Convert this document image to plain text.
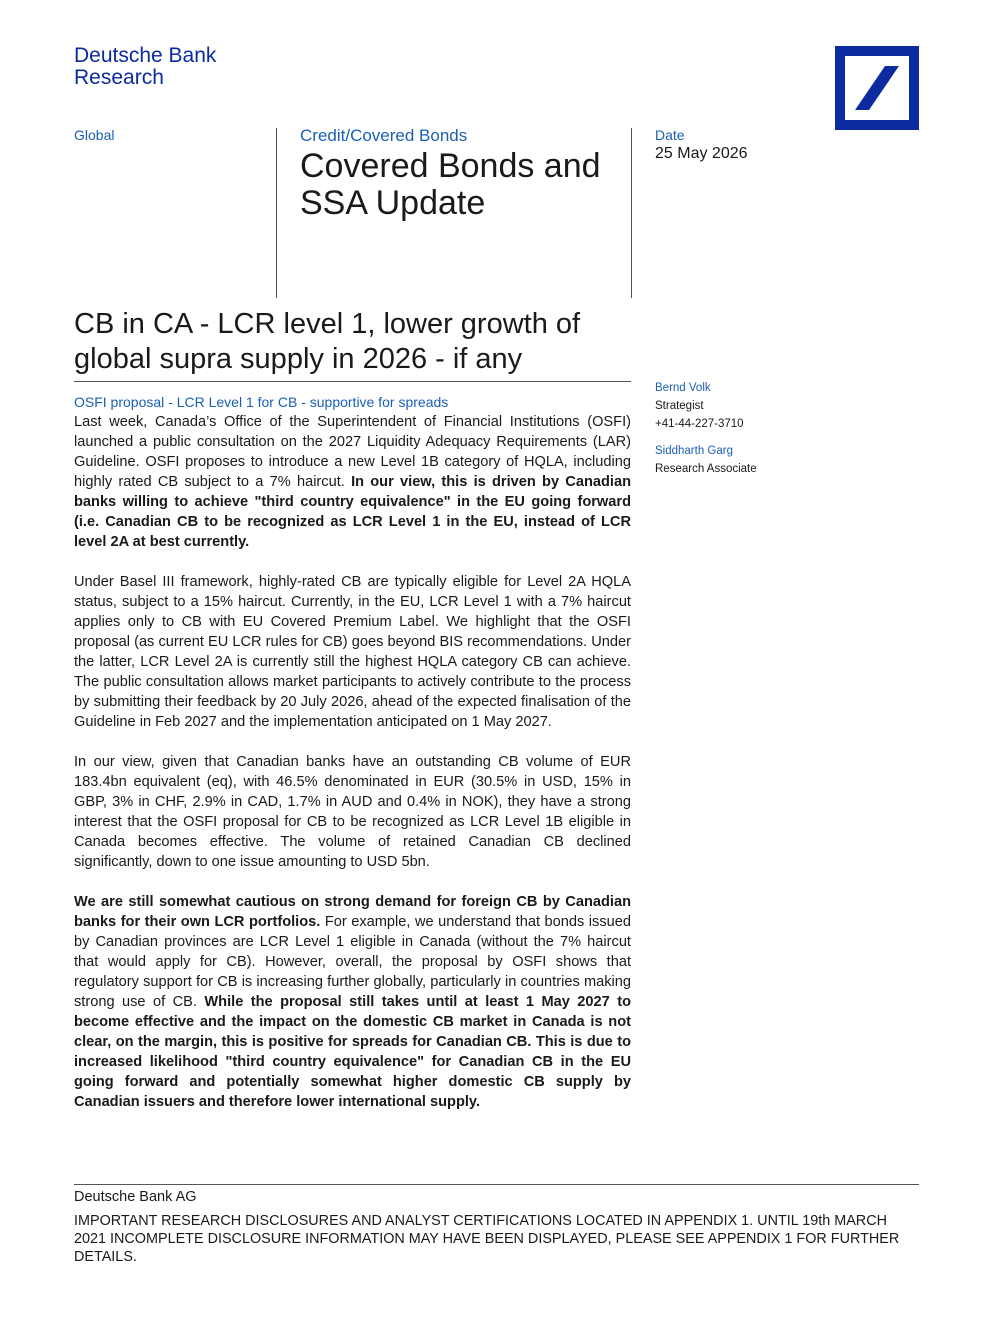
Deutsche Bank
Research
Global	Credit/Covered Bonds
Covered Bonds and SSA Update
Date
25 May 2026
CB in CA - LCR level 1, lower growth of global supra supply in 2026 - if any
OSFI proposal - LCR Level 1 for CB - supportive for spreads

Last week, Canada’s Office of the Superintendent of Financial Institutions (OSFI) launched a public consultation on the 2027 Liquidity Adequacy Requirements (LAR) Guideline. OSFI proposes to introduce a new Level 1B category of HQLA, including highly rated CB subject to a 7% haircut. In our view, this is driven by Canadian banks willing to achieve "third country equivalence" in the EU going forward (i.e. Canadian CB to be recognized as LCR Level 1 in the EU, instead of LCR level 2A at best currently.

Under Basel III framework, highly-rated CB are typically eligible for Level 2A HQLA status, subject to a 15% haircut. Currently, in the EU, LCR Level 1 with a 7% haircut applies only to CB with EU Covered Premium Label. We highlight that the OSFI proposal (as current EU LCR rules for CB) goes beyond BIS recommendations. Under the latter, LCR Level 2A is currently still the highest HQLA category CB can achieve. The public consultation allows market participants to actively contribute to the process by submitting their feedback by 20 July 2026, ahead of the expected finalisation of the Guideline in Feb 2027 and the implementation anticipated on 1 May 2027.

In our view, given that Canadian banks have an outstanding CB volume of EUR 183.4bn equivalent (eq), with 46.5% denominated in EUR (30.5% in USD, 15% in GBP, 3% in CHF, 2.9% in CAD, 1.7% in AUD and 0.4% in NOK), they have a strong interest that the OSFI proposal for CB to be recognized as LCR Level 1B eligible in Canada becomes effective. The volume of retained Canadian CB declined significantly, down to one issue amounting to USD 5bn.

We are still somewhat cautious on strong demand for foreign CB by Canadian banks for their own LCR portfolios. For example, we understand that bonds issued by Canadian provinces are LCR Level 1 eligible in Canada (without the 7% haircut that would apply for CB). However, overall, the proposal by OSFI shows that regulatory support for CB is increasing further globally, particularly in countries making strong use of CB. While the proposal still takes until at least 1 May 2027 to become effective and the impact on the domestic CB market in Canada is not clear, on the margin, this is positive for spreads for Canadian CB. This is due to increased likelihood "third country equivalence" for Canadian CB in the EU going forward and potentially somewhat higher domestic CB supply by Canadian issuers and therefore lower international supply.

Bernd Volk
Strategist
+41-44-227-3710
Siddharth Garg
Research Associate
Deutsche Bank AG
IMPORTANT RESEARCH DISCLOSURES AND ANALYST CERTIFICATIONS LOCATED IN APPENDIX 1. UNTIL 19th MARCH 2021 INCOMPLETE DISCLOSURE INFORMATION MAY HAVE BEEN DISPLAYED, PLEASE SEE APPENDIX 1 FOR FURTHER DETAILS.
